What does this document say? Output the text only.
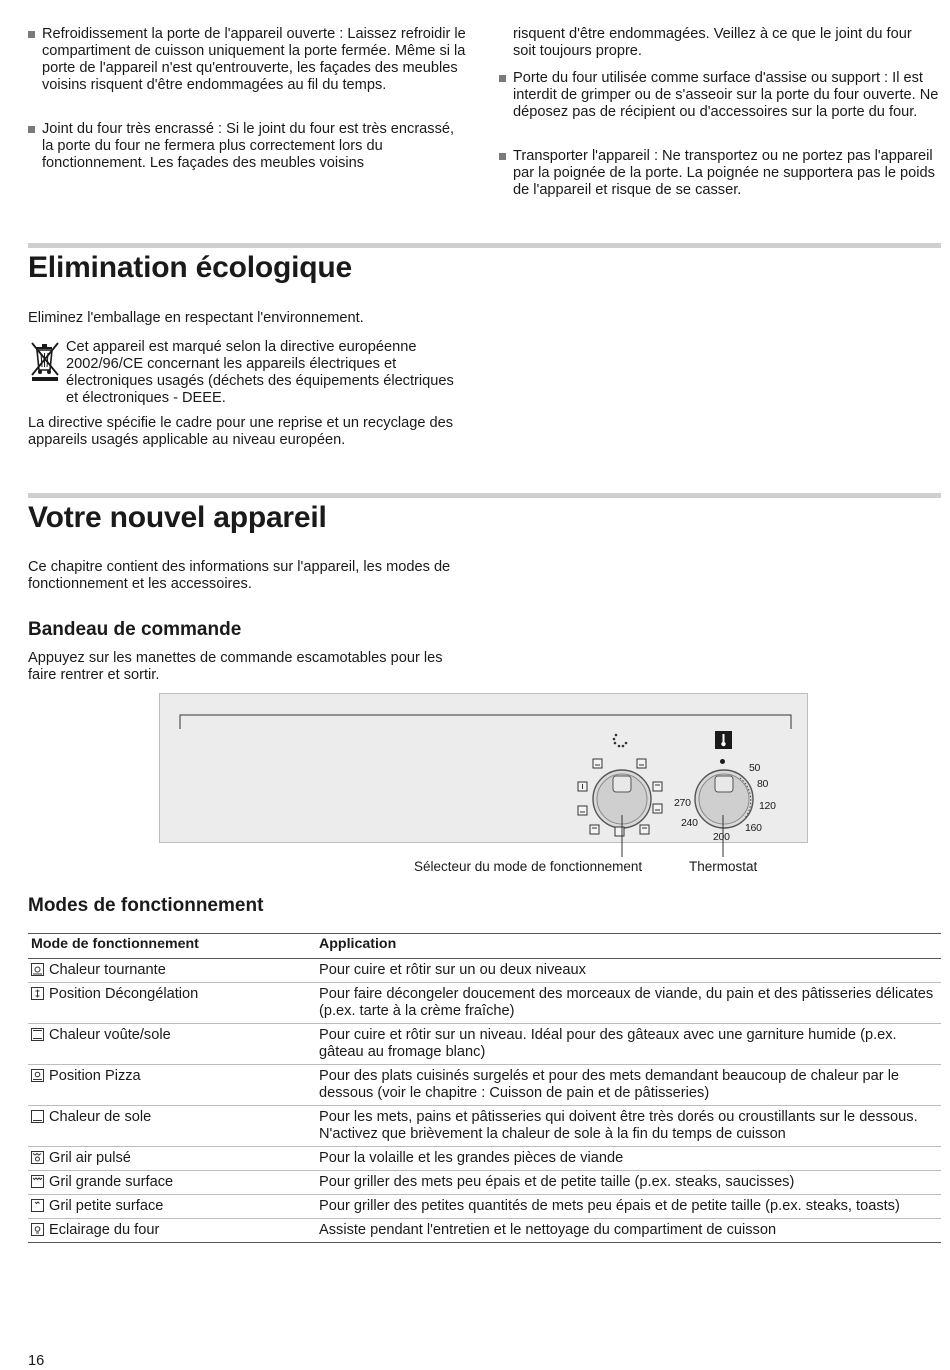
Refroidissement la porte de l'appareil ouverte : Laissez refroidir le compartiment de cuisson uniquement la porte fermée. Même si la porte de l'appareil n'est qu'entrouverte, les façades des meubles voisins risquent d'être endommagées au fil du temps.
Joint du four très encrassé : Si le joint du four est très encrassé, la porte du four ne fermera plus correctement lors du fonctionnement. Les façades des meubles voisins
risquent d'être endommagées. Veillez à ce que le joint du four soit toujours propre.
Porte du four utilisée comme surface d'assise ou support : Il est interdit de grimper ou de s'asseoir sur la porte du four ouverte. Ne déposez pas de récipient ou d'accessoires sur la porte du four.
Transporter l'appareil : Ne transportez ou ne portez pas l'appareil par la poignée de la porte. La poignée ne supportera pas le poids de l'appareil et risque de se casser.
Elimination écologique
Eliminez l'emballage en respectant l'environnement.
Cet appareil est marqué selon la directive européenne 2002/96/CE concernant les appareils électriques et électroniques usagés (déchets des équipements électriques et électroniques - DEEE.
La directive spécifie le cadre pour une reprise et un recyclage des appareils usagés applicable au niveau européen.
Votre nouvel appareil
Ce chapitre contient des informations sur l'appareil, les modes de fonctionnement et les accessoires.
Bandeau de commande
Appuyez sur les manettes de commande escamotables pour les faire rentrer et sortir.
50
80
120
160
200
240
270
Sélecteur du mode de fonctionnement	Thermostat
Modes de fonctionnement
Mode de fonctionnement	Application
Chaleur tournante	Pour cuire et rôtir sur un ou deux niveaux
Position Décongélation	Pour faire décongeler doucement des morceaux de viande, du pain et des pâtisseries délicates (p.ex. tarte à la crème fraîche)
Chaleur voûte/sole	Pour cuire et rôtir sur un niveau. Idéal pour des gâteaux avec une garniture humide (p.ex. gâteau au fromage blanc)
Position Pizza	Pour des plats cuisinés surgelés et pour des mets demandant beaucoup de chaleur par le dessous (voir le chapitre : Cuisson de pain et de pâtisseries)
Chaleur de sole	Pour les mets, pains et pâtisseries qui doivent être très dorés ou croustillants sur le dessous. N'activez que brièvement la chaleur de sole à la fin du temps de cuisson
Gril air pulsé	Pour la volaille et les grandes pièces de viande
Gril grande surface	Pour griller des mets peu épais et de petite taille (p.ex. steaks, saucisses)
Gril petite surface	Pour griller des petites quantités de mets peu épais et de petite taille (p.ex. steaks, toasts)
Eclairage du four	Assiste pendant l'entretien et le nettoyage du compartiment de cuisson
16
